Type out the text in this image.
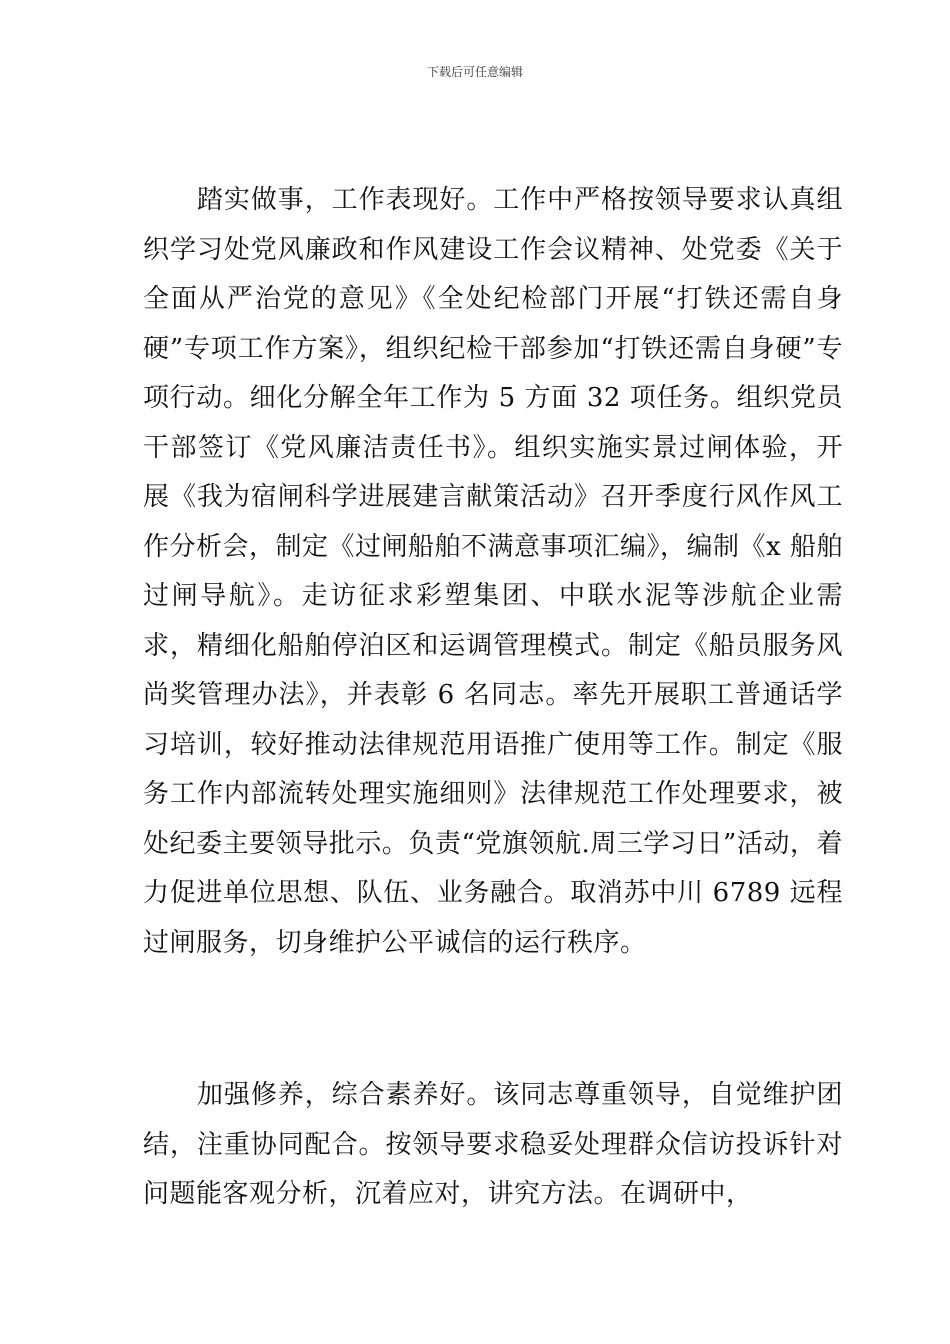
下载后可任意编辑

踏实做事，工作表现好。工作中严格按领导要求认真组织学习处党风廉政和作风建设工作会议精神、处党委《关于全面从严治党的意见》《全处纪检部门开展“打铁还需自身硬”专项工作方案》，组织纪检干部参加“打铁还需自身硬”专项行动。细化分解全年工作为 5 方面 32 项任务。组织党员干部签订《党风廉洁责任书》。组织实施实景过闸体验，开展《我为宿闸科学进展建言献策活动》召开季度行风作风工作分析会，制定《过闸船舶不满意事项汇编》，编制《x 船舶过闸导航》。走访征求彩塑集团、中联水泥等涉航企业需求，精细化船舶停泊区和运调管理模式。制定《船员服务风尚奖管理办法》，并表彰 6 名同志。率先开展职工普通话学习培训，较好推动法律规范用语推广使用等工作。制定《服务工作内部流转处理实施细则》法律规范工作处理要求，被处纪委主要领导批示。负责“党旗领航.周三学习日”活动，着力促进单位思想、队伍、业务融合。取消苏中川 6789 远程过闸服务，切身维护公平诚信的运行秩序。

加强修养，综合素养好。该同志尊重领导，自觉维护团结，注重协同配合。按领导要求稳妥处理群众信访投诉针对问题能客观分析，沉着应对，讲究方法。在调研中，
